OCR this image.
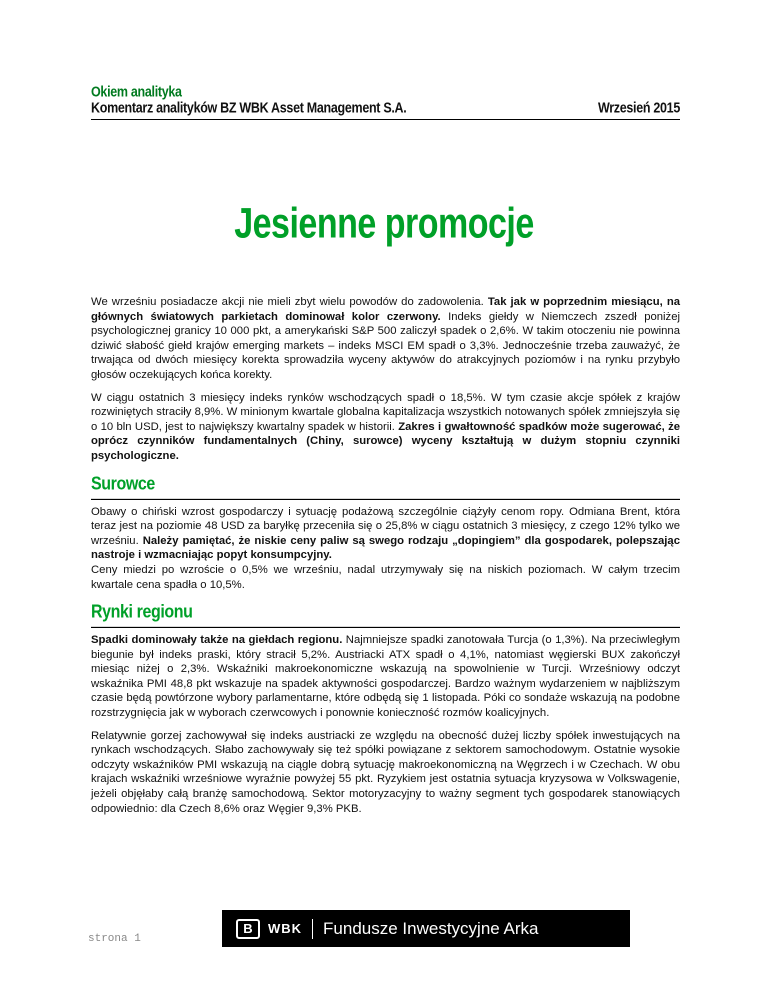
Okiem analityka
Komentarz analityków BZ WBK Asset Management S.A.	Wrzesień 2015
Jesienne promocje

We wrześniu posiadacze akcji nie mieli zbyt wielu powodów do zadowolenia. Tak jak w poprzednim miesiącu, na głównych światowych parkietach dominował kolor czerwony. Indeks giełdy w Niemczech zszedł poniżej psychologicznej granicy 10 000 pkt, a amerykański S&P 500 zaliczył spadek o 2,6%. W takim otoczeniu nie powinna dziwić słabość giełd krajów emerging markets – indeks MSCI EM spadł o 3,3%. Jednocześnie trzeba zauważyć, że trwająca od dwóch miesięcy korekta sprowadziła wyceny aktywów do atrakcyjnych poziomów i na rynku przybyło głosów oczekujących końca korekty.

W ciągu ostatnich 3 miesięcy indeks rynków wschodzących spadł o 18,5%. W tym czasie akcje spółek z krajów rozwiniętych straciły 8,9%. W minionym kwartale globalna kapitalizacja wszystkich notowanych spółek zmniejszyła się o 10 bln USD, jest to największy kwartalny spadek w historii. Zakres i gwałtowność spadków może sugerować, że oprócz czynników fundamentalnych (Chiny, surowce) wyceny kształtują w dużym stopniu czynniki psychologiczne.

Surowce

Obawy o chiński wzrost gospodarczy i sytuację podażową szczególnie ciążyły cenom ropy. Odmiana Brent, która teraz jest na poziomie 48 USD za baryłkę przeceniła się o 25,8% w ciągu ostatnich 3 miesięcy, z czego 12% tylko we wrześniu. Należy pamiętać, że niskie ceny paliw są swego rodzaju „dopingiem” dla gospodarek, polepszając nastroje i wzmacniając popyt konsumpcyjny.
Ceny miedzi po wzroście o 0,5% we wrześniu, nadal utrzymywały się na niskich poziomach. W całym trzecim kwartale cena spadła o 10,5%.

Rynki regionu

Spadki dominowały także na giełdach regionu. Najmniejsze spadki zanotowała Turcja (o 1,3%). Na przeciwległym biegunie był indeks praski, który stracił 5,2%. Austriacki ATX spadł o 4,1%, natomiast węgierski BUX zakończył miesiąc niżej o 2,3%. Wskaźniki makroekonomiczne wskazują na spowolnienie w Turcji. Wrześniowy odczyt wskaźnika PMI 48,8 pkt wskazuje na spadek aktywności gospodarczej. Bardzo ważnym wydarzeniem w najbliższym czasie będą powtórzone wybory parlamentarne, które odbędą się 1 listopada. Póki co sondaże wskazują na podobne rozstrzygnięcia jak w wyborach czerwcowych i ponownie konieczność rozmów koalicyjnych.

Relatywnie gorzej zachowywał się indeks austriacki ze względu na obecność dużej liczby spółek inwestujących na rynkach wschodzących. Słabo zachowywały się też spółki powiązane z sektorem samochodowym. Ostatnie wysokie odczyty wskaźników PMI wskazują na ciągle dobrą sytuację makroekonomiczną na Węgrzech i w Czechach. W obu krajach wskaźniki wrześniowe wyraźnie powyżej 55 pkt. Ryzykiem jest ostatnia sytuacja kryzysowa w Volkswagenie, jeżeli objęłaby całą branżę samochodową. Sektor motoryzacyjny to ważny segment tych gospodarek stanowiących odpowiednio: dla Czech 8,6% oraz Węgier 9,3% PKB.

strona 1
B	WBK Fundusze Inwestycyjne Arka
